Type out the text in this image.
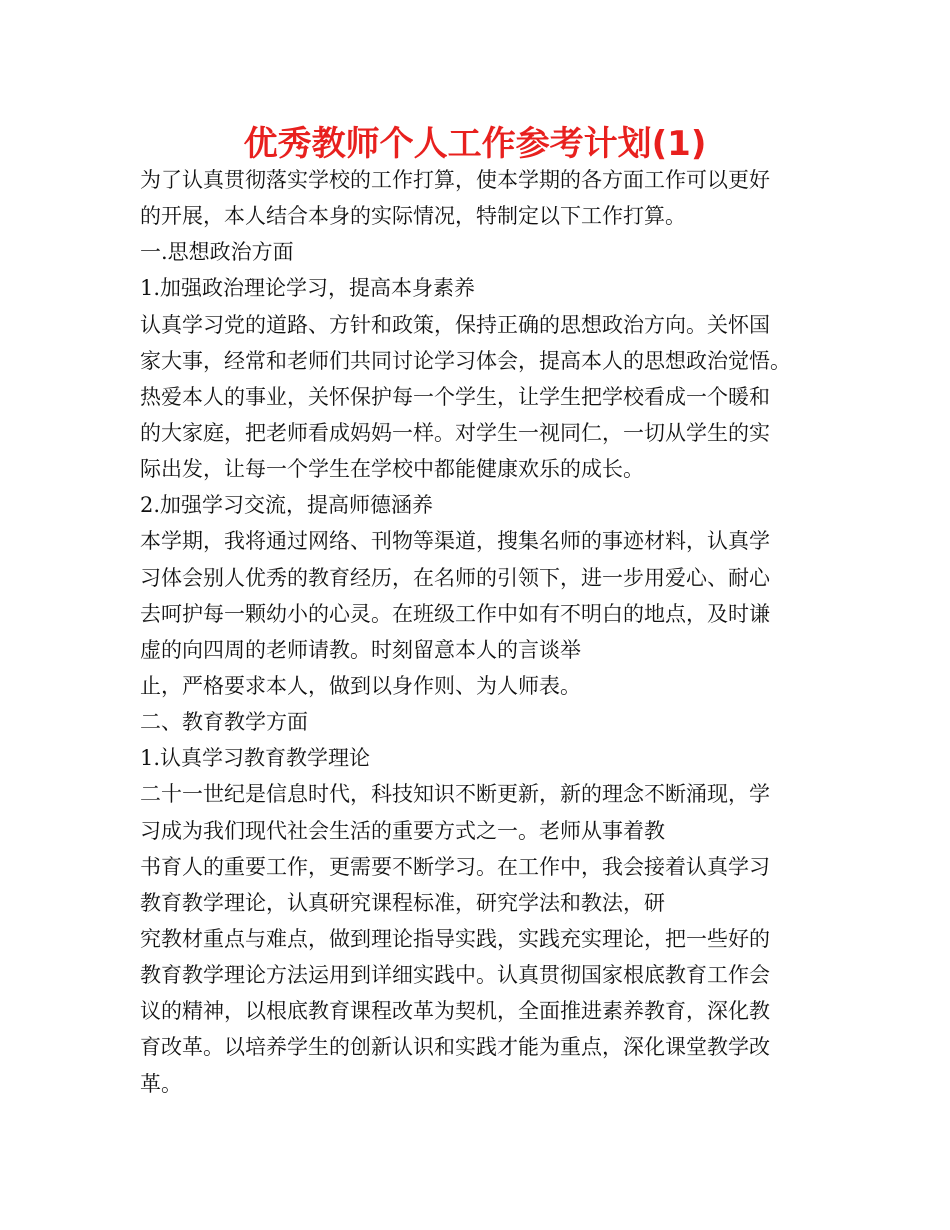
优秀教师个人工作参考计划(1)
为了认真贯彻落实学校的工作打算，使本学期的各方面工作可以更好
的开展，本人结合本身的实际情况，特制定以下工作打算。
一.思想政治方面
1.加强政治理论学习，提高本身素养
认真学习党的道路、方针和政策，保持正确的思想政治方向。关怀国
家大事，经常和老师们共同讨论学习体会，提高本人的思想政治觉悟。
热爱本人的事业，关怀保护每一个学生，让学生把学校看成一个暖和
的大家庭，把老师看成妈妈一样。对学生一视同仁，一切从学生的实
际出发，让每一个学生在学校中都能健康欢乐的成长。
2.加强学习交流，提高师德涵养
本学期，我将通过网络、刊物等渠道，搜集名师的事迹材料，认真学
习体会别人优秀的教育经历，在名师的引领下，进一步用爱心、耐心
去呵护每一颗幼小的心灵。在班级工作中如有不明白的地点，及时谦
虚的向四周的老师请教。时刻留意本人的言谈举
止，严格要求本人，做到以身作则、为人师表。
二、教育教学方面
1.认真学习教育教学理论
二十一世纪是信息时代，科技知识不断更新，新的理念不断涌现，学
习成为我们现代社会生活的重要方式之一。老师从事着教
书育人的重要工作，更需要不断学习。在工作中，我会接着认真学习
教育教学理论，认真研究课程标准，研究学法和教法，研
究教材重点与难点，做到理论指导实践，实践充实理论，把一些好的
教育教学理论方法运用到详细实践中。认真贯彻国家根底教育工作会
议的精神，以根底教育课程改革为契机，全面推进素养教育，深化教
育改革。以培养学生的创新认识和实践才能为重点，深化课堂教学改
革。
